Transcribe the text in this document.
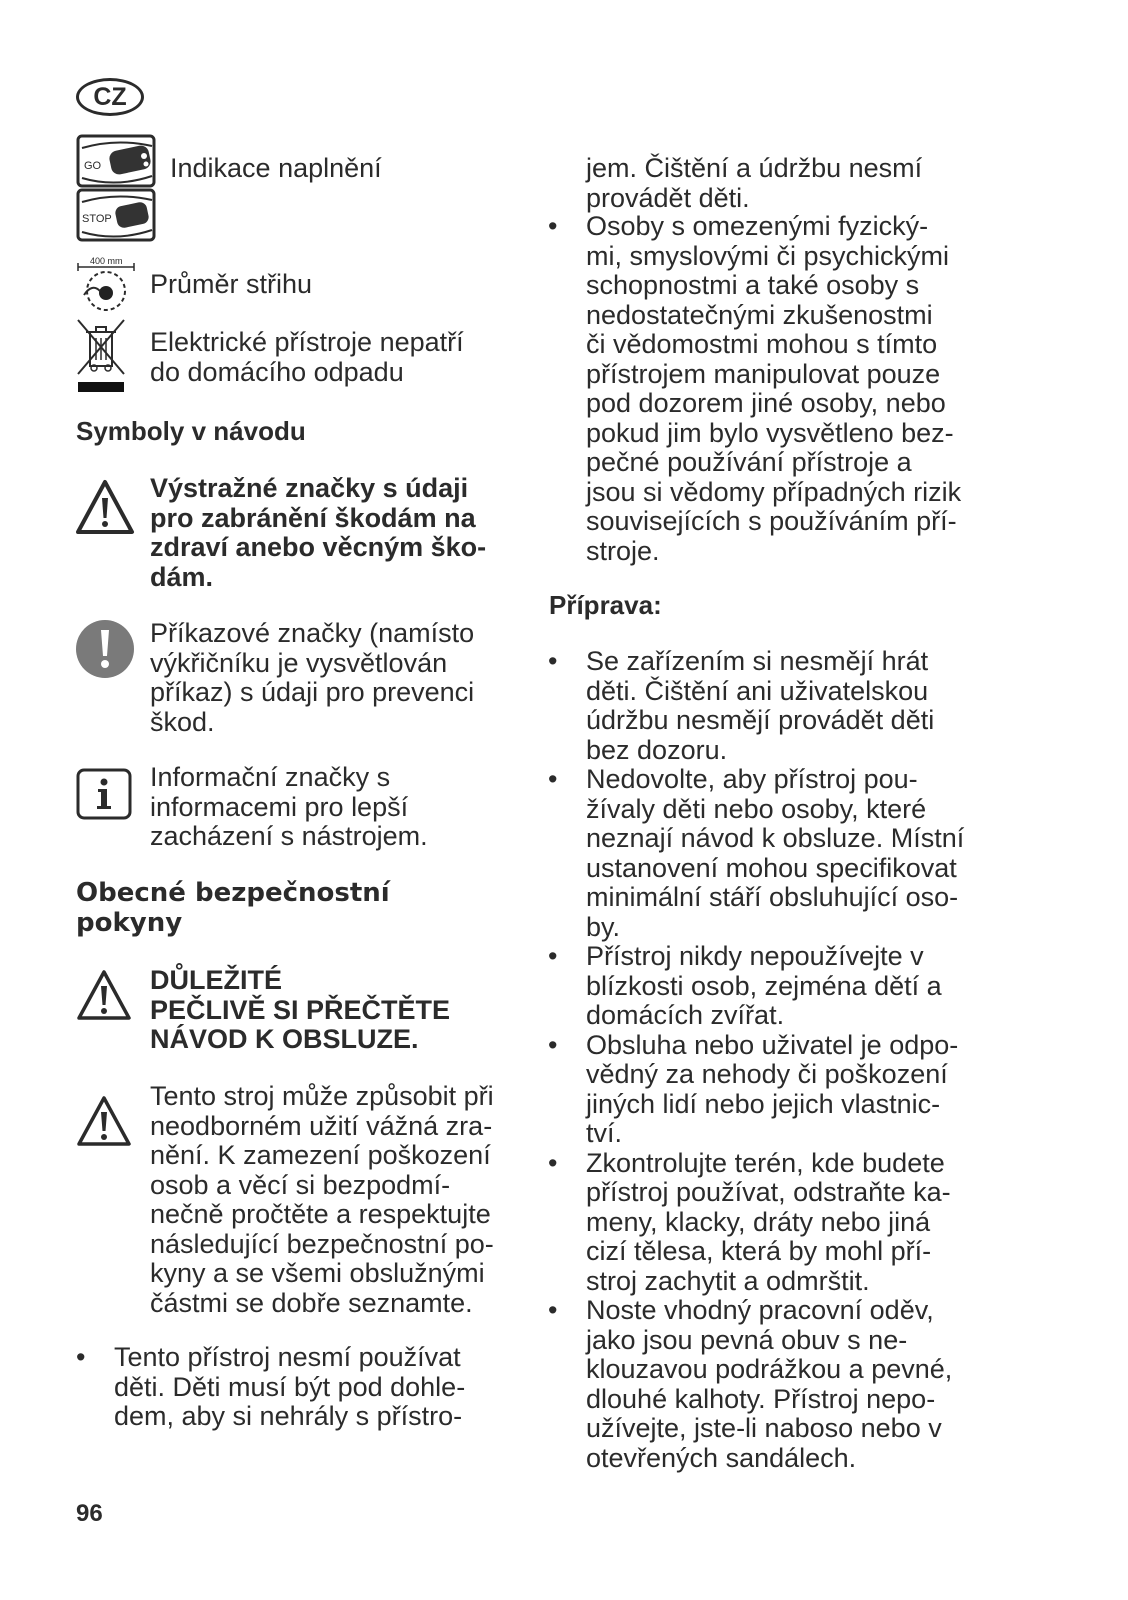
CZ
GO
STOP
Indikace naplnění
400 mm
Průměr střihu
Elektrické přístroje nepatří
do domácího odpadu
Symboly v návodu
Výstražné značky s údaji
pro zabránění škodám na
zdraví anebo věcným ško-
dám.
Příkazové značky (namísto
výkřičníku je vysvětlován
příkaz) s údaji pro prevenci
škod.
Informační značky s
informacemi pro lepší
zacházení s nástrojem.
Obecné bezpečnostní
pokyny
DŮLEŽITÉ
PEČLIVĚ SI PŘEČTĚTE
NÁVOD K OBSLUZE.
Tento stroj může způsobit při
neodborném užití vážná zra-
nění. K zamezení poškození
osob a věcí si bezpodmí-
nečně pročtěte a respektujte
následující bezpečnostní po-
kyny a se všemi obslužnými
částmi se dobře seznamte.
• Tento přístroj nesmí používat
děti. Děti musí být pod dohle-
dem, aby si nehrály s přístro-
jem. Čištění a údržbu nesmí
provádět děti.
• Osoby s omezenými fyzický-
mi, smyslovými či psychickými
schopnostmi a také osoby s
nedostatečnými zkušenostmi
či vědomostmi mohou s tímto
přístrojem manipulovat pouze
pod dozorem jiné osoby, nebo
pokud jim bylo vysvětleno bez-
pečné používání přístroje a
jsou si vědomy případných rizik
souvisejících s používáním pří-
stroje.
Příprava:
• Se zařízením si nesmějí hrát
děti. Čištění ani uživatelskou
údržbu nesmějí provádět děti
bez dozoru.
• Nedovolte, aby přístroj pou-
žívaly děti nebo osoby, které
neznají návod k obsluze. Místní
ustanovení mohou specifikovat
minimální stáří obsluhující oso-
by.
• Přístroj nikdy nepoužívejte v
blízkosti osob, zejména dětí a
domácích zvířat.
• Obsluha nebo uživatel je odpo-
vědný za nehody či poškození
jiných lidí nebo jejich vlastnic-
tví.
• Zkontrolujte terén, kde budete
přístroj používat, odstraňte ka-
meny, klacky, dráty nebo jiná
cizí tělesa, která by mohl pří-
stroj zachytit a odmrštit.
• Noste vhodný pracovní oděv,
jako jsou pevná obuv s ne-
klouzavou podrážkou a pevné,
dlouhé kalhoty. Přístroj nepo-
užívejte, jste-li naboso nebo v
otevřených sandálech.
96
